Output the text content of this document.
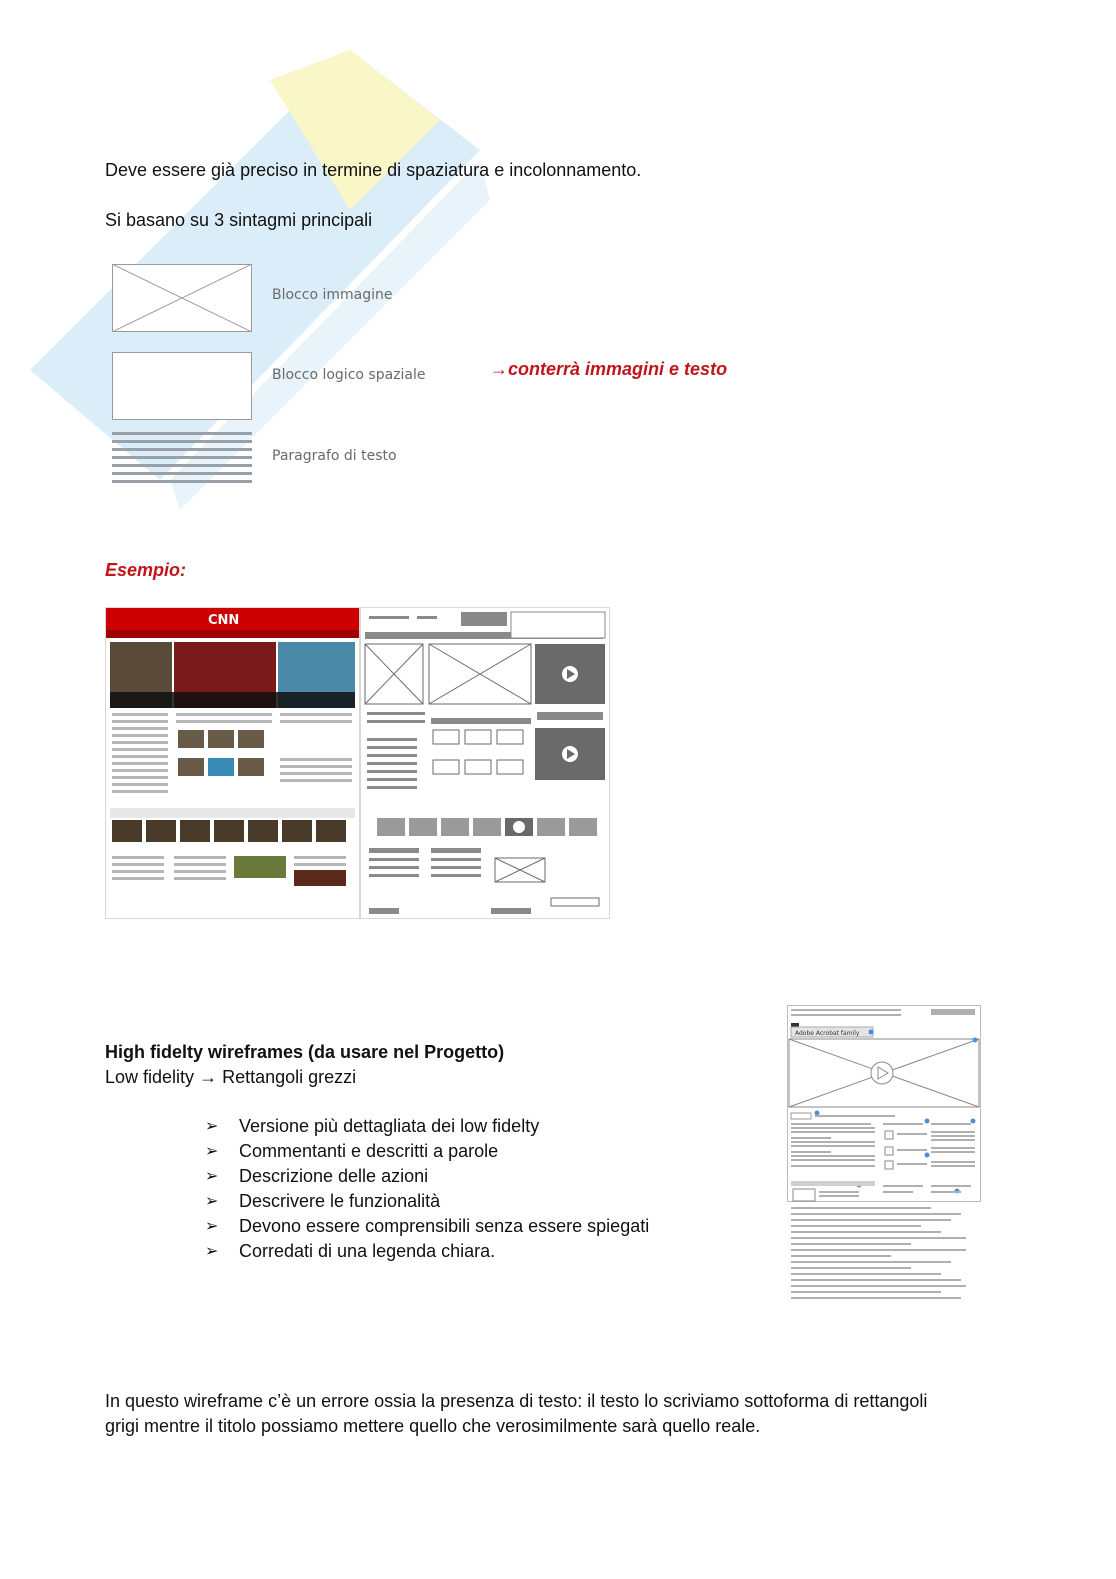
Deve essere già preciso in termine di spaziatura e incolonnamento.
Si basano su 3 sintagmi principali
Blocco immagine
Blocco logico spaziale	→conterrà immagini e testo
Paragrafo di testo
Esempio:
CNN
High fidelty wireframes (da usare nel Progetto)
Low fidelity → Rettangoli grezzi
➢	Versione più dettagliata dei low fidelty
➢	Commentanti e descritti a parole
➢	Descrizione delle azioni
➢	Descrivere le funzionalità
➢	Devono essere comprensibili senza essere spiegati
➢	Corredati di una legenda chiara.
Adobe Acrobat family
In questo wireframe c’è un errore ossia la presenza di testo: il testo lo scriviamo sottoforma di rettangoli
grigi mentre il titolo possiamo mettere quello che verosimilmente sarà quello reale.
